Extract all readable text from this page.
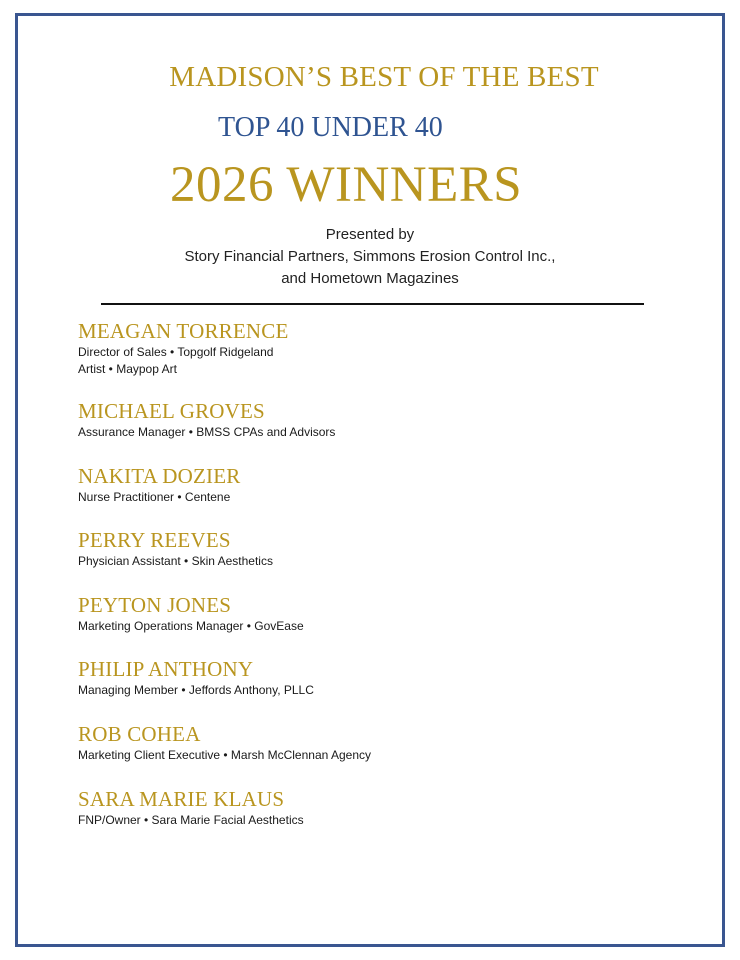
MADISON’S BEST OF THE BEST
TOP 40 UNDER 40
2026 WINNERS
Presented by
Story Financial Partners, Simmons Erosion Control Inc.,
and Hometown Magazines
MEAGAN TORRENCE
Director of Sales • Topgolf Ridgeland
Artist • Maypop Art
MICHAEL GROVES
Assurance Manager • BMSS CPAs and Advisors
NAKITA DOZIER
Nurse Practitioner • Centene
PERRY REEVES
Physician Assistant • Skin Aesthetics
PEYTON JONES
Marketing Operations Manager • GovEase
PHILIP ANTHONY
Managing Member • Jeffords Anthony, PLLC
ROB COHEA
Marketing Client Executive • Marsh McClennan Agency
SARA MARIE KLAUS
FNP/Owner • Sara Marie Facial Aesthetics
